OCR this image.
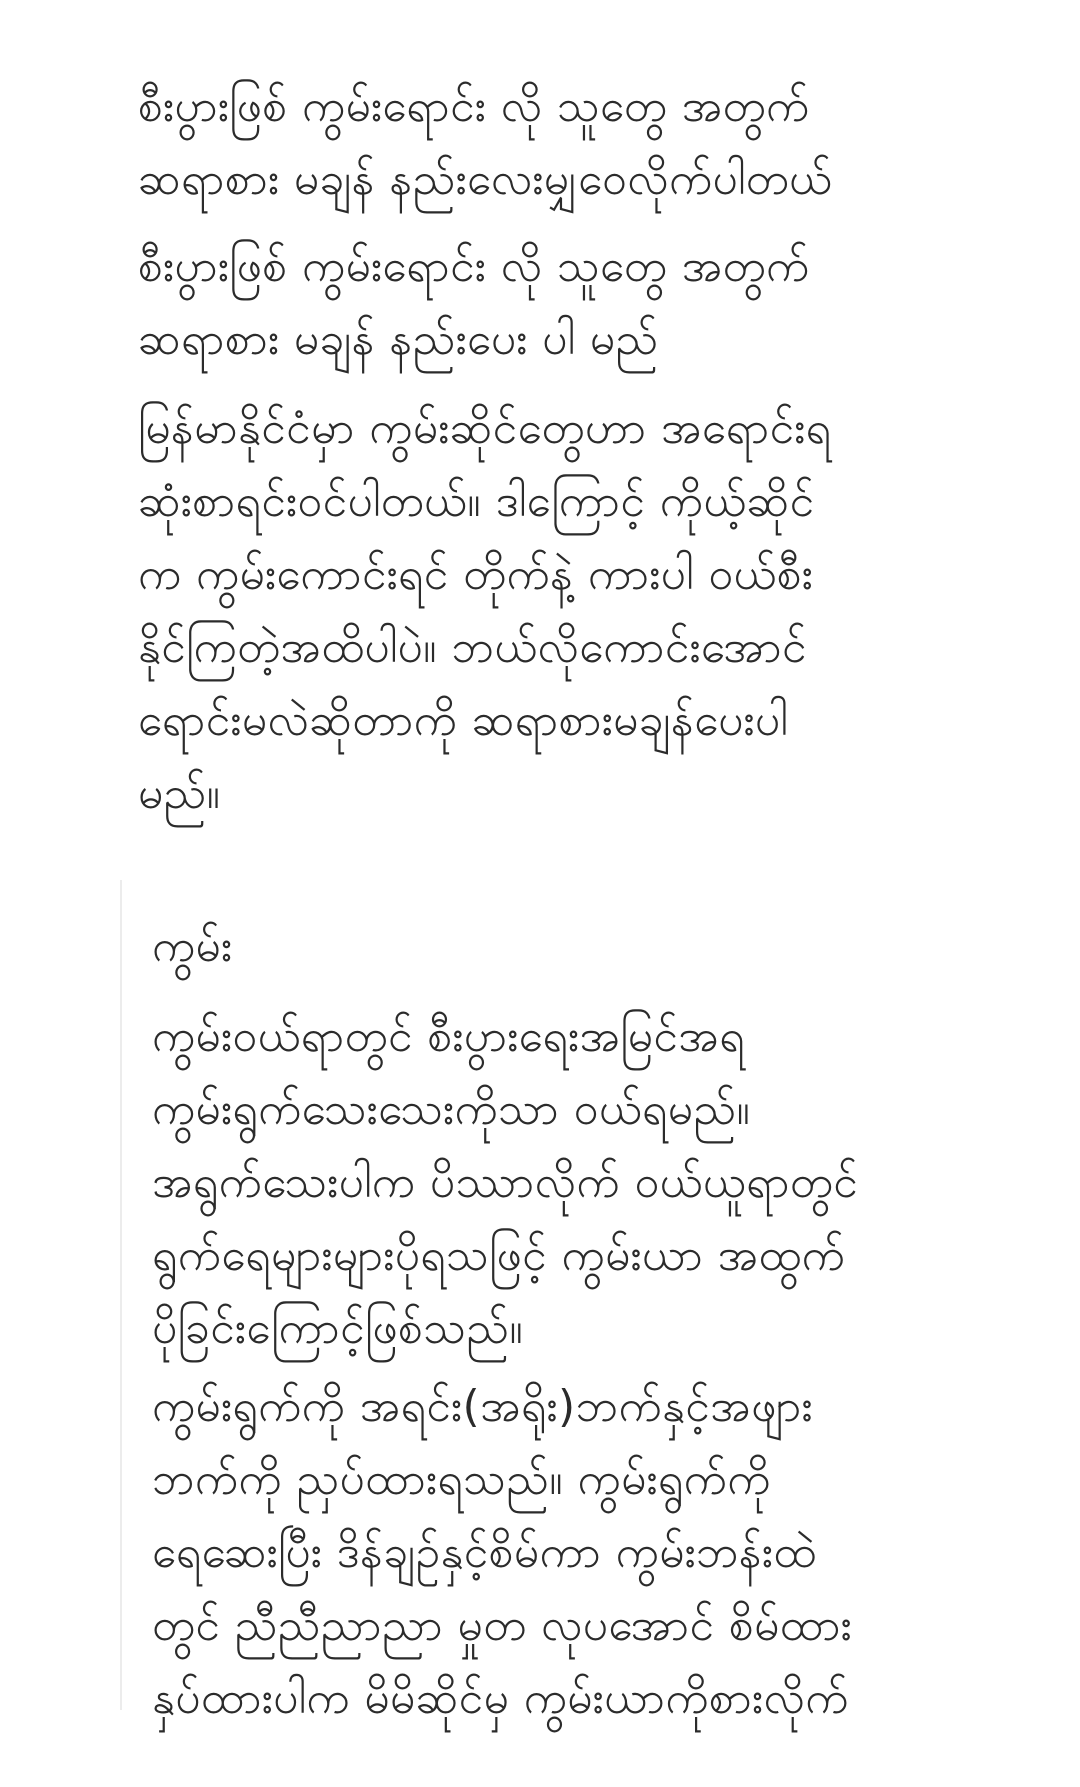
စီးပွားဖြစ် ကွမ်းရောင်း လို သူတွေ အတွက်
ဆရာစား မချန် နည်းလေးမျှဝေလိုက်ပါတယ်

စီးပွားဖြစ် ကွမ်းရောင်း လို သူတွေ အတွက်
ဆရာစား မချန် နည်းပေး ပါ မည်

မြန်မာနိုင်ငံမှာ ကွမ်းဆိုင်တွေဟာ အရောင်းရ
ဆုံးစာရင်းဝင်ပါတယ်။ ဒါကြောင့် ကိုယ့်ဆိုင်
က ကွမ်းကောင်းရင် တိုက်နဲ့ ကားပါ ဝယ်စီး
နိုင်ကြတဲ့အထိပါပဲ။ ဘယ်လိုကောင်းအောင်
ရောင်းမလဲဆိုတာကို ဆရာစားမချန်ပေးပါ
မည်။

ကွမ်း

ကွမ်းဝယ်ရာတွင် စီးပွားရေးအမြင်အရ
ကွမ်းရွက်သေးသေးကိုသာ ဝယ်ရမည်။
အရွက်သေးပါက ပိဿာလိုက် ဝယ်ယူရာတွင်
ရွက်ရေများများပိုရသဖြင့် ကွမ်းယာ အထွက်
ပိုခြင်းကြောင့်ဖြစ်သည်။

ကွမ်းရွက်ကို အရင်း(အရိုး)ဘက်နှင့်အဖျား
ဘက်ကို ညှပ်ထားရသည်။ ကွမ်းရွက်ကို
ရေဆေးပြီး ဒိန်ချဉ်နှင့်စိမ်ကာ ကွမ်းဘန်းထဲ
တွင် ညီညီညာညာ မှုတ လုပအောင် စိမ်ထား
နှပ်ထားပါက မိမိဆိုင်မှ ကွမ်းယာကိုစားလိုက်
